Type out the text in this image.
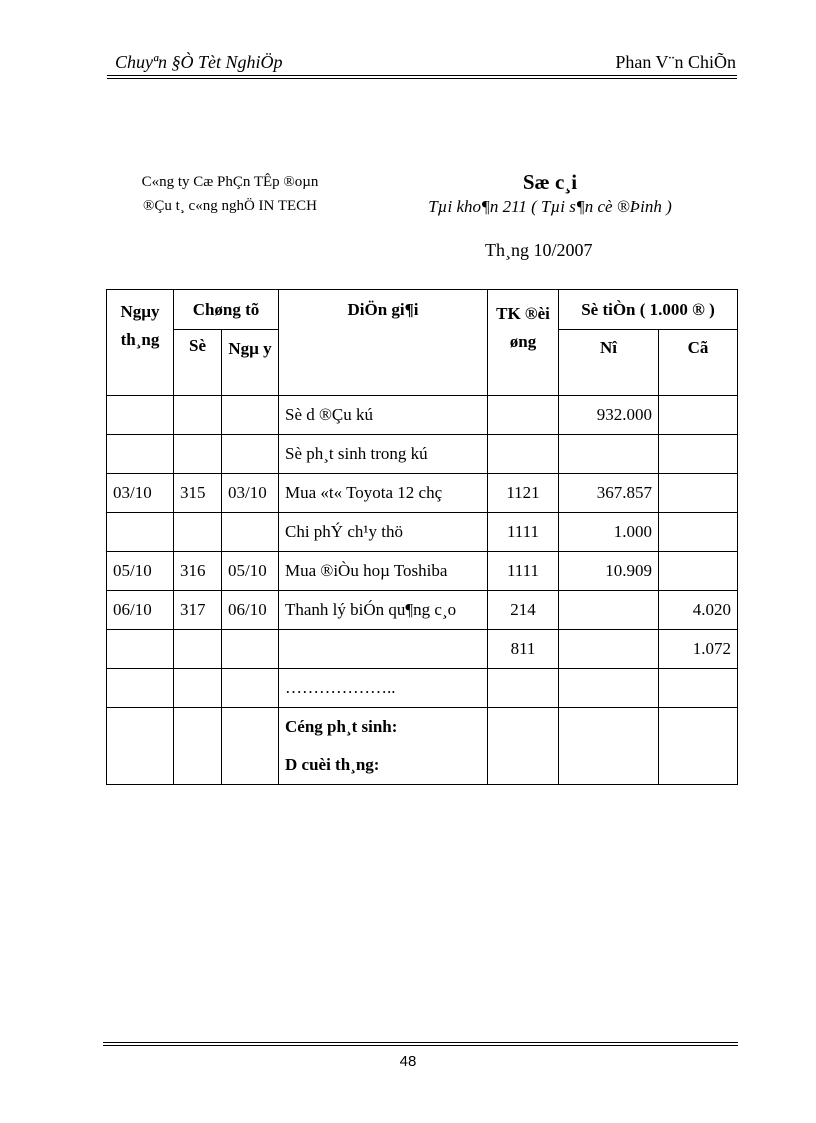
Chuyªn §Ò Tèt NghiÖp	Phan V¨n ChiÕn
C«ng ty Cæ PhÇn TÊp ®oµn
®Çu t¸ c«ng nghÖ IN TECH
Sæ c¸i
Tµi kho¶n 211 ( Tµi s¶n cè ®Þinh )
Th¸ng 10/2007
Ngµy th¸ng	Chøng tõ		DiÖn gi¶i	TK ®èi øng	Sè tiÒn ( 1.000 ® )	
	Sè	Ngµ y			Nî	Cã
			Sè d ®Çu kú		932.000	
			Sè ph¸t sinh trong kú			
03/10	315	03/10	Mua «t« Toyota 12 chç	1121	367.857	
			Chi phÝ ch¹y thö	1111	1.000	
05/10	316	05/10	Mua ®iÒu hoµ Toshiba	1111	10.909	
06/10	317	06/10	Thanh lý biÓn qu¶ng c¸o	214		4.020
				811		1.072
			………………..			

			Céng ph¸t sinh:
D cuèi th¸ng:			

48
